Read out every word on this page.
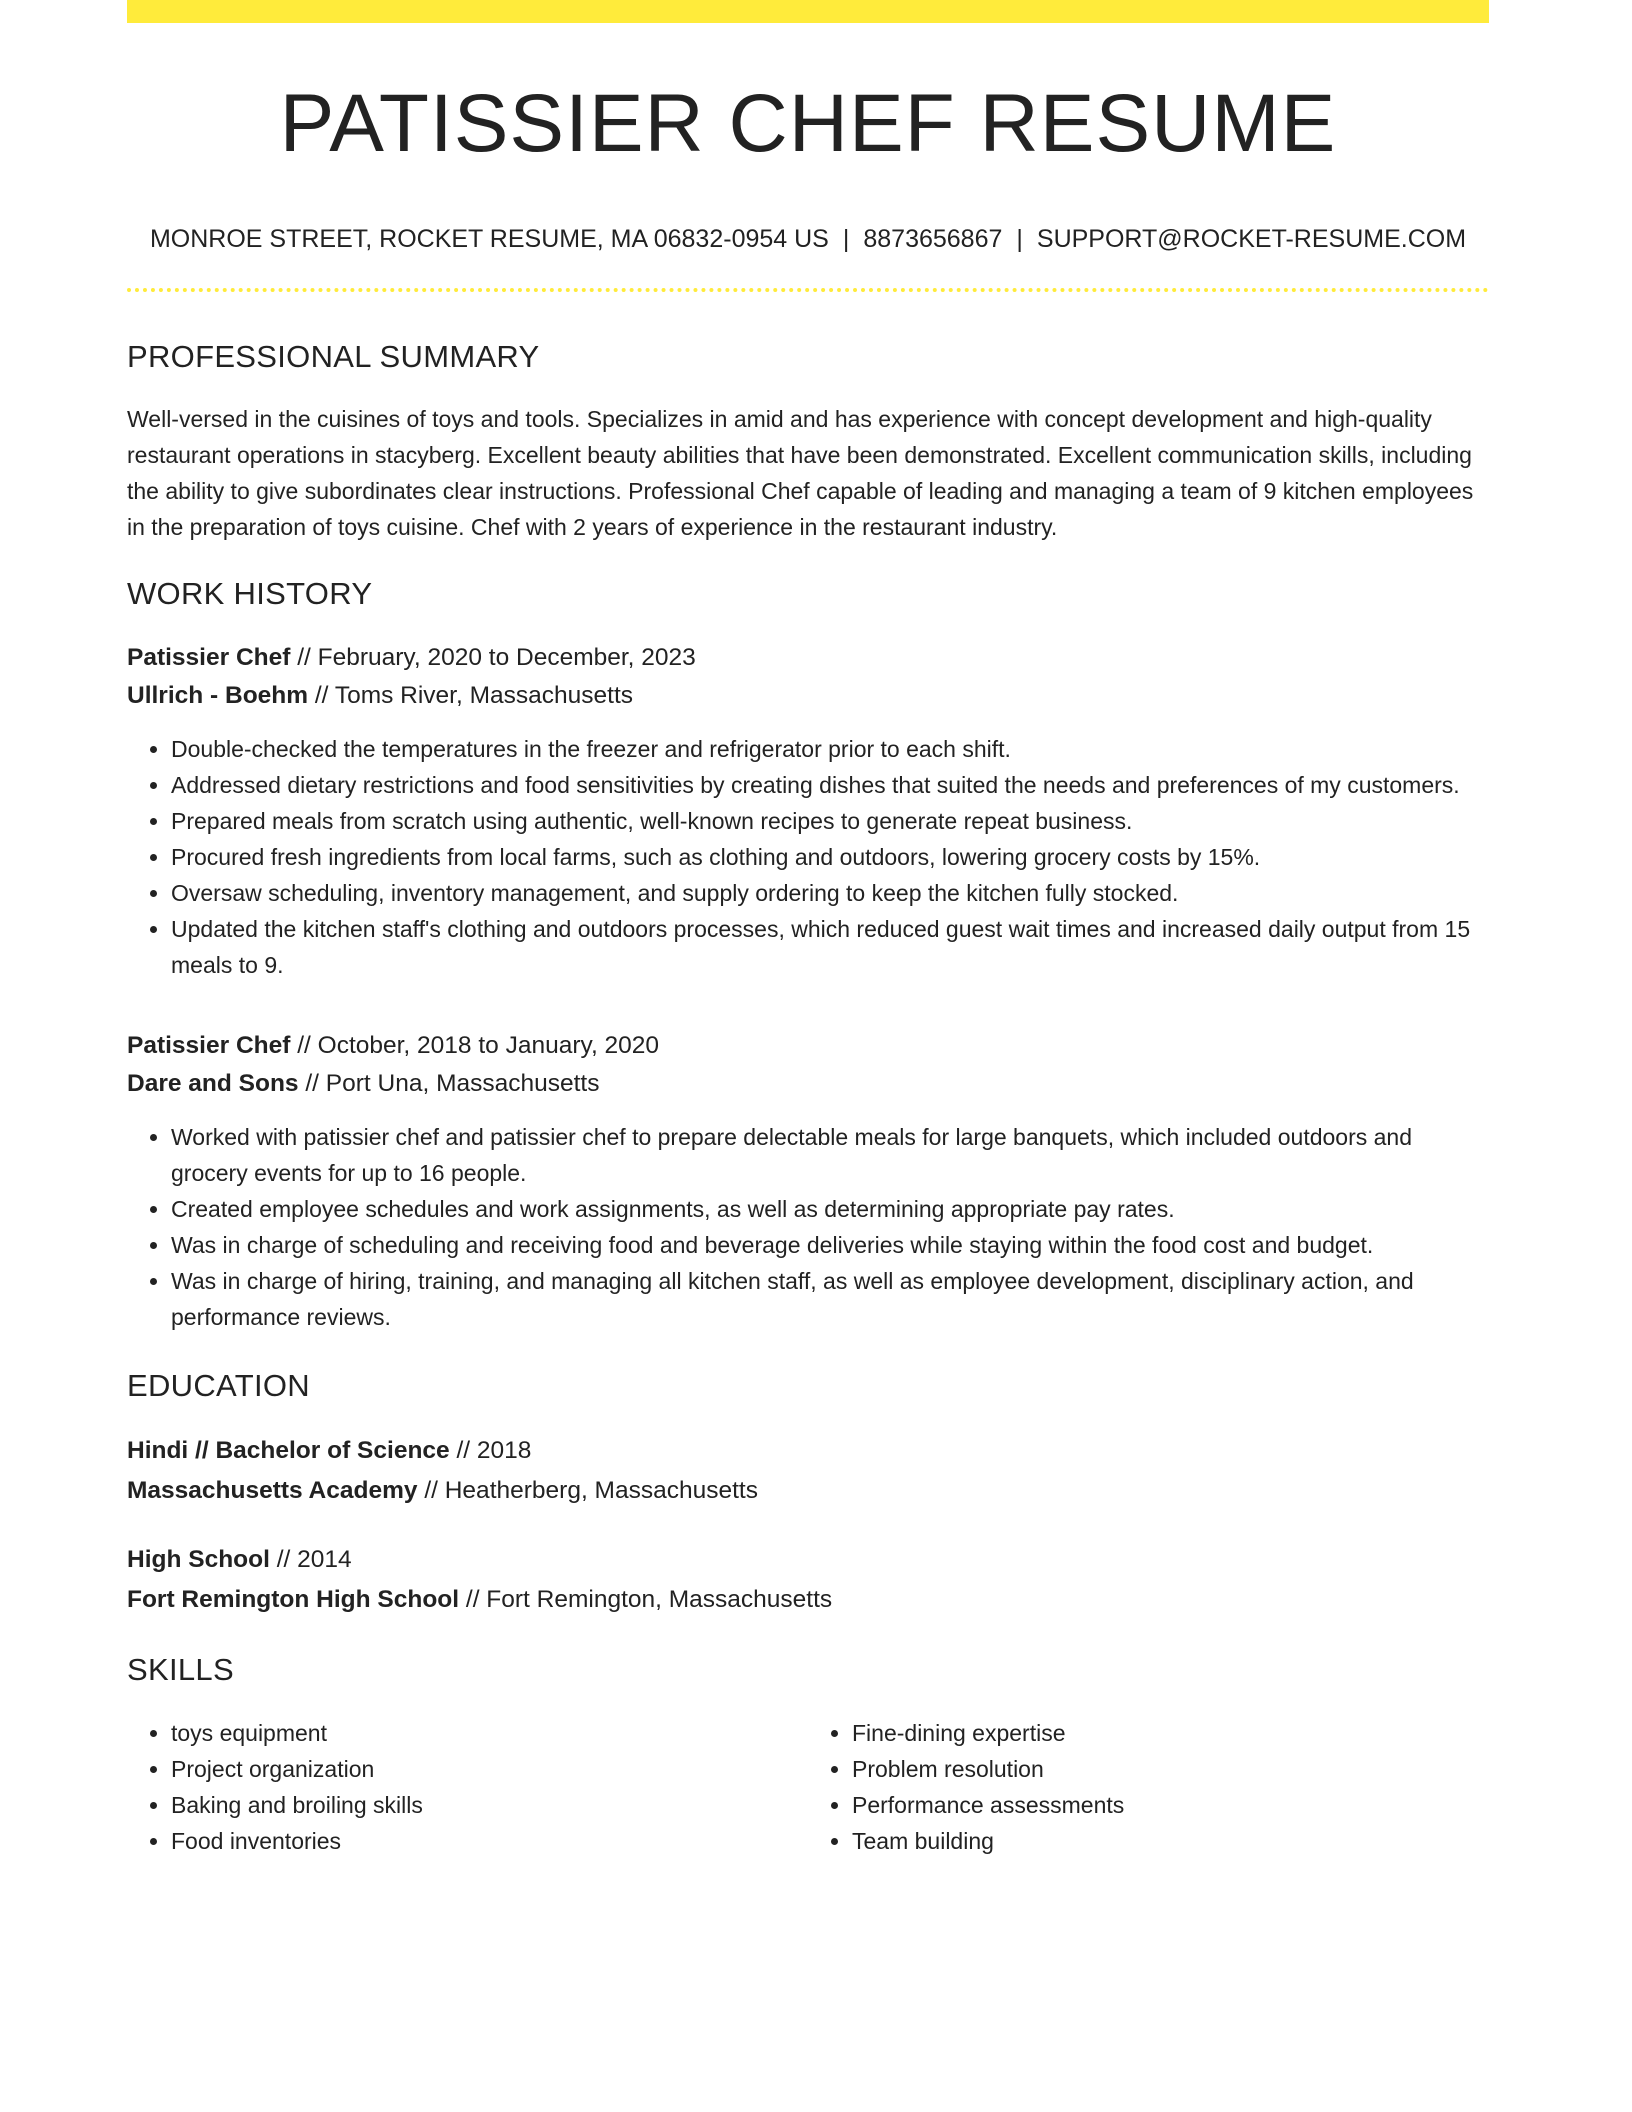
PATISSIER CHEF RESUME
MONROE STREET, ROCKET RESUME, MA 06832-0954 US | 8873656867 | SUPPORT@ROCKET-RESUME.COM
PROFESSIONAL SUMMARY

Well-versed in the cuisines of toys and tools. Specializes in amid and has experience with concept development and high-quality restaurant operations in stacyberg. Excellent beauty abilities that have been demonstrated. Excellent communication skills, including the ability to give subordinates clear instructions. Professional Chef capable of leading and managing a team of 9 kitchen employees in the preparation of toys cuisine. Chef with 2 years of experience in the restaurant industry.

WORK HISTORY
Patissier Chef // February, 2020 to December, 2023
Ullrich - Boehm // Toms River, Massachusetts
• Double-checked the temperatures in the freezer and refrigerator prior to each shift.
• Addressed dietary restrictions and food sensitivities by creating dishes that suited the needs and preferences of my customers.
• Prepared meals from scratch using authentic, well-known recipes to generate repeat business.
• Procured fresh ingredients from local farms, such as clothing and outdoors, lowering grocery costs by 15%.
• Oversaw scheduling, inventory management, and supply ordering to keep the kitchen fully stocked.
• Updated the kitchen staff's clothing and outdoors processes, which reduced guest wait times and increased daily output from 15 meals to 9.
Patissier Chef // October, 2018 to January, 2020
Dare and Sons // Port Una, Massachusetts
• Worked with patissier chef and patissier chef to prepare delectable meals for large banquets, which included outdoors and grocery events for up to 16 people.
• Created employee schedules and work assignments, as well as determining appropriate pay rates.
• Was in charge of scheduling and receiving food and beverage deliveries while staying within the food cost and budget.
• Was in charge of hiring, training, and managing all kitchen staff, as well as employee development, disciplinary action, and performance reviews.
EDUCATION
Hindi // Bachelor of Science // 2018
Massachusetts Academy // Heatherberg, Massachusetts
High School // 2014
Fort Remington High School // Fort Remington, Massachusetts
SKILLS
• toys equipment
• Project organization
• Baking and broiling skills
• Food inventories
• Fine-dining expertise
• Problem resolution
• Performance assessments
• Team building
